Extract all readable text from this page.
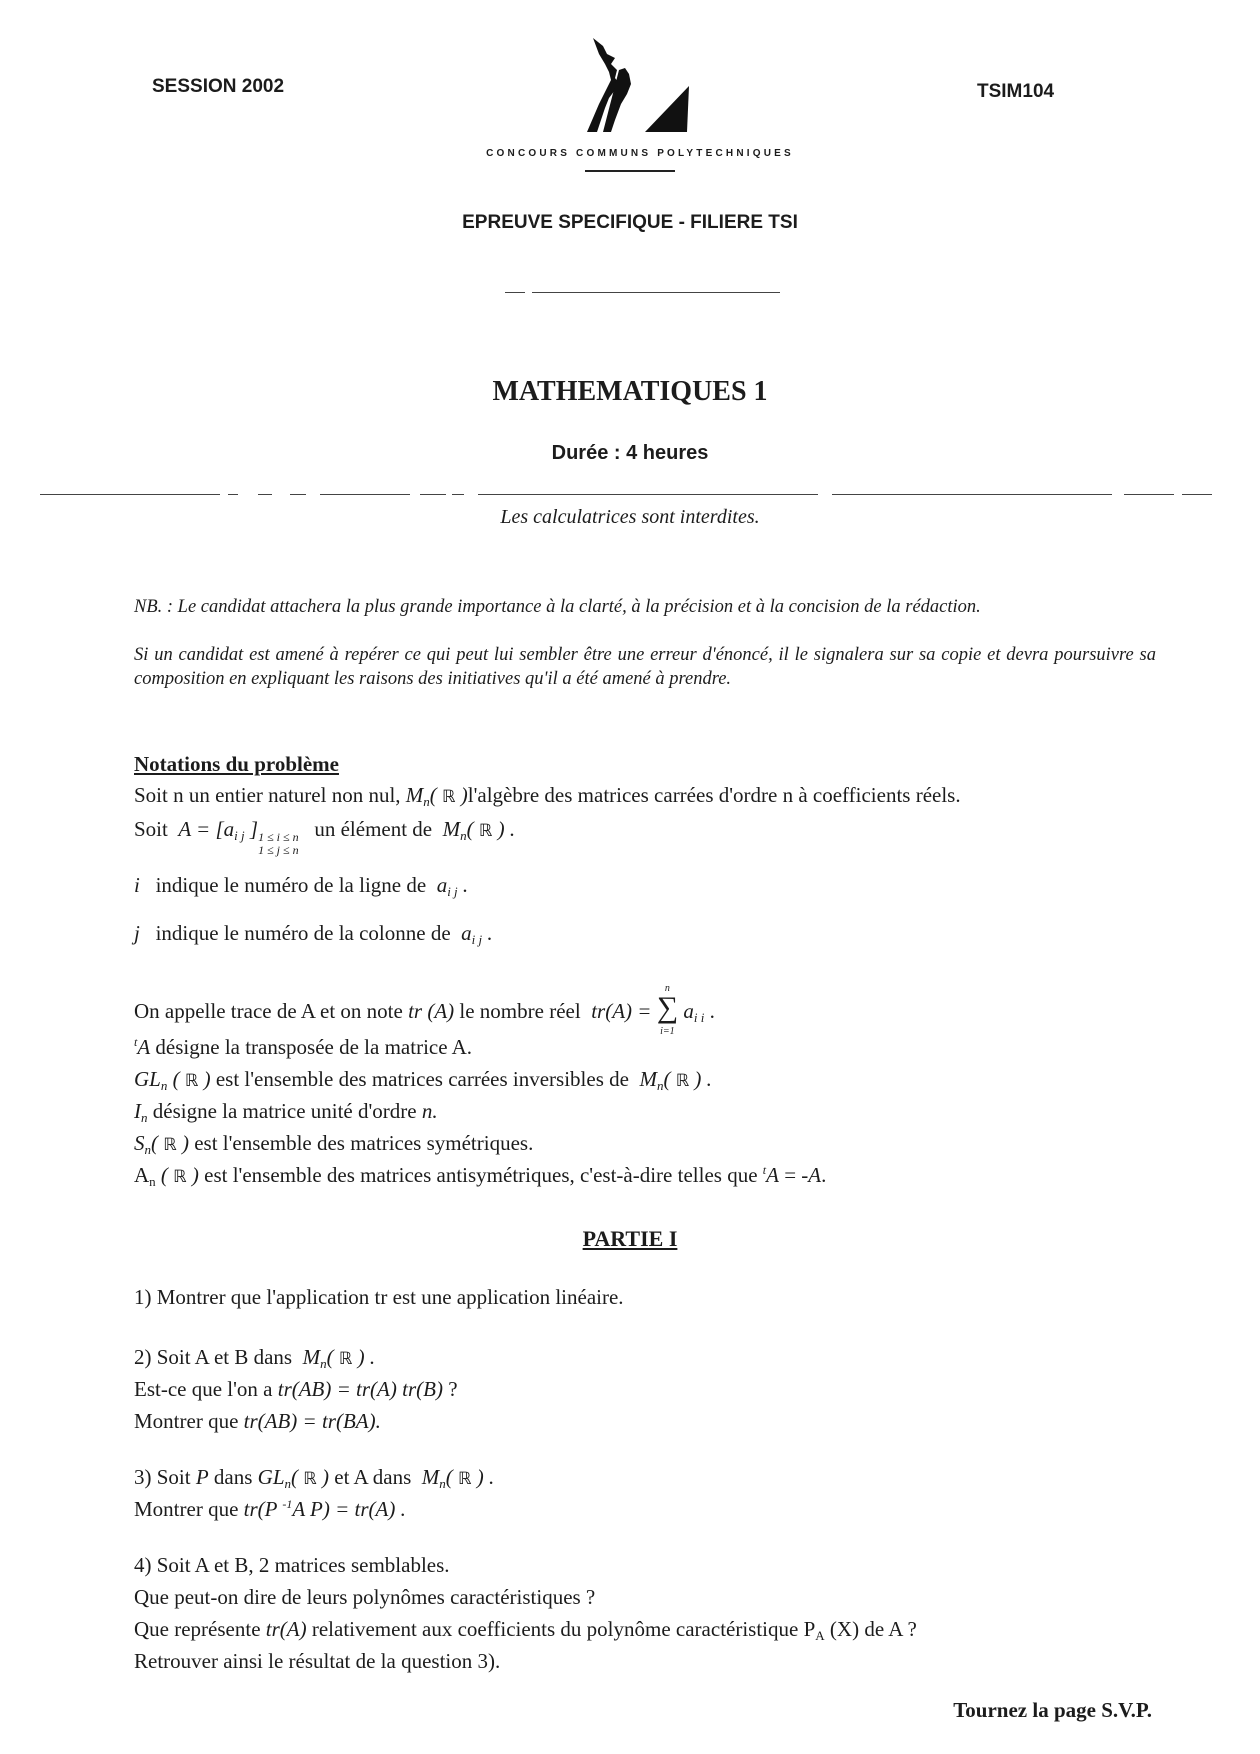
SESSION 2002	TSIM104
CONCOURS COMMUNS POLYTECHNIQUES
EPREUVE SPECIFIQUE - FILIERE TSI
MATHEMATIQUES 1
Durée : 4 heures
Les calculatrices sont interdites.
NB. : Le candidat attachera la plus grande importance à la clarté, à la précision et à la concision de la rédaction.
Si un candidat est amené à repérer ce qui peut lui sembler être une erreur d'énoncé, il le signalera sur sa copie et devra poursuivre sa composition en expliquant les raisons des initiatives qu'il a été amené à prendre.
Notations du problème
Soit n un entier naturel non nul, $M_n$( ℝ )l'algèbre des matrices carrées d'ordre n à coefficients réels.
Soit  $A = [a_{i j}$ ]1 ≤ i ≤ n
1 ≤ j ≤ n   un élément de  $M_n$( ℝ ) .
i indique le numéro de la ligne de $a_{i j}$ .
j indique le numéro de la colonne de $a_{i j}$ .
On appelle trace de A et on note tr (A) le nombre réel  tr(A) = n
∑
i=1 $a_{i i}$ .
$^t$A désigne la transposée de la matrice A.
$GL_n$ ( ℝ ) est l'ensemble des matrices carrées inversibles de  $M_n$( ℝ ) .
$I_n$ désigne la matrice unité d'ordre n.
$S_n$( ℝ ) est l'ensemble des matrices symétriques.
$A_n$ ( ℝ ) est l'ensemble des matrices antisymétriques, c'est-à-dire telles que $^t$A = -A.
PARTIE I
1) Montrer que l'application tr est une application linéaire.
2) Soit A et B dans  $M_n$( ℝ ) .
Est-ce que l'on a tr(AB) = tr(A) tr(B) ?
Montrer que tr(AB) = tr(BA).
3) Soit P dans $GL_n$( ℝ ) et A dans  $M_n$( ℝ ) .
Montrer que tr(P $^{-1}$A P) = tr(A) .
4) Soit A et B, 2 matrices semblables.
Que peut-on dire de leurs polynômes caractéristiques ?
Que représente tr(A) relativement aux coefficients du polynôme caractéristique $P_A$ (X) de A ?
Retrouver ainsi le résultat de la question 3).
Tournez la page S.V.P.
